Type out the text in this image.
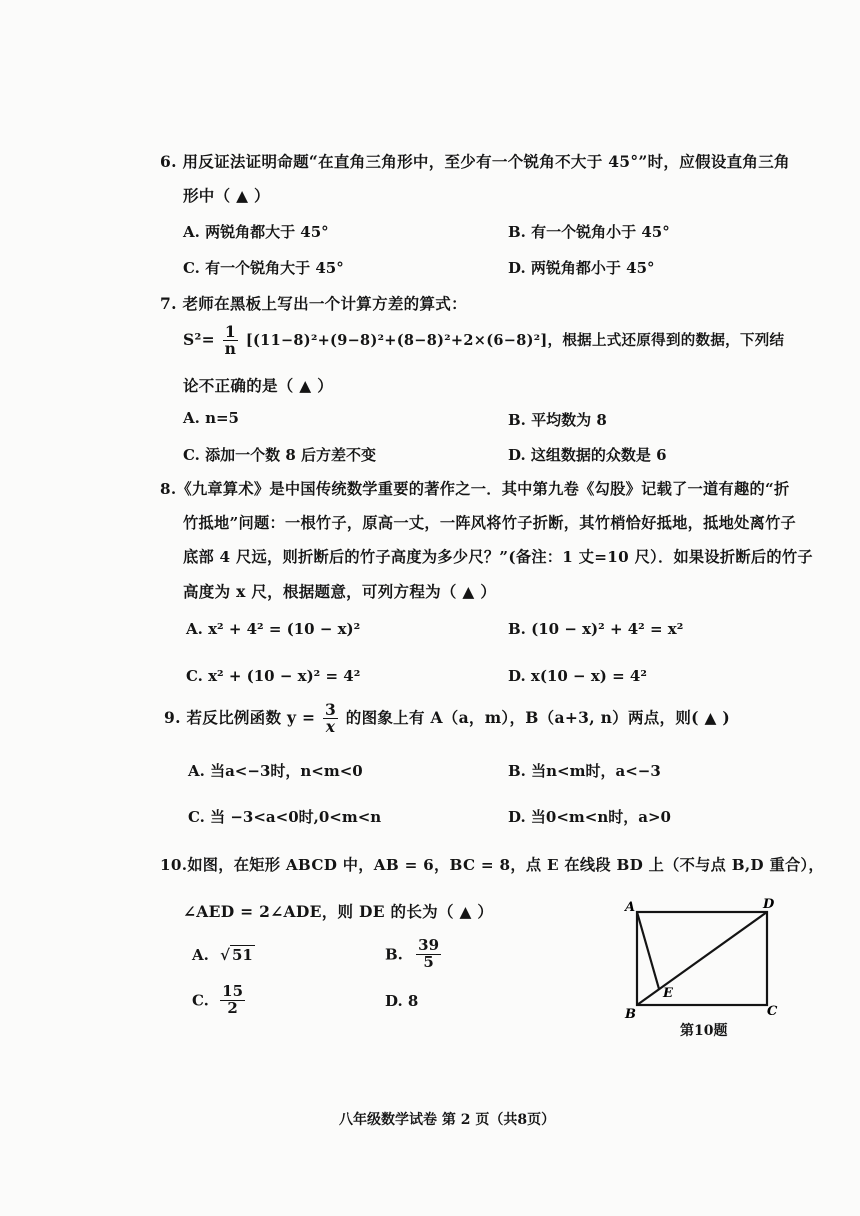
6. 用反证法证明命题“在直角三角形中，至少有一个锐角不大于 45°”时，应假设直角三角
形中（ ▲ ）
A. 两锐角都大于 45°	B. 有一个锐角小于 45°
C. 有一个锐角大于 45°	D. 两锐角都小于 45°
7. 老师在黑板上写出一个计算方差的算式：
$S^2= \frac{1}{n} [(11-8)^2+(9-8)^2+(8-8)^2+2\times(6-8)^2]$，根据上式还原得到的数据，下列结
论不正确的是（ ▲ ）
A. n=5	B. 平均数为 8
C. 添加一个数 8 后方差不变	D. 这组数据的众数是 6
8.《九章算术》是中国传统数学重要的著作之一．其中第九卷《勾股》记载了一道有趣的“折
竹抵地”问题：一根竹子，原高一丈，一阵风将竹子折断，其竹梢恰好抵地，抵地处离竹子
底部 4 尺远，则折断后的竹子高度为多少尺？”(备注：1 丈=10 尺）．如果设折断后的竹子
高度为 x 尺，根据题意，可列方程为（ ▲ ）
A. x² + 4² = (10 − x)²	B. (10 − x)² + 4² = x²
C. x² + (10 − x)² = 4²	D. x(10 − x) = 4²
9. 若反比例函数 $y = \frac{3}{x}$ 的图象上有 A（a，m），B（a+3, n）两点，则( ▲ )
A. 当a<−3时，n<m<0	B. 当n<m时，a<−3
C. 当 −3<a<0时,0<m<n	D. 当0<m<n时，a>0
10.如图，在矩形 ABCD 中，AB = 6，BC = 8，点 E 在线段 BD 上（不与点 B,D 重合），
∠AED = 2∠ADE，则 DE 的长为（ ▲ ）
A. √ 51	B. $\frac{39}{5}$
C. $\frac{15}{2}$	D. 8
A	D
B	C
E
第10题
八年级数学试卷 第 2 页（共8页）
